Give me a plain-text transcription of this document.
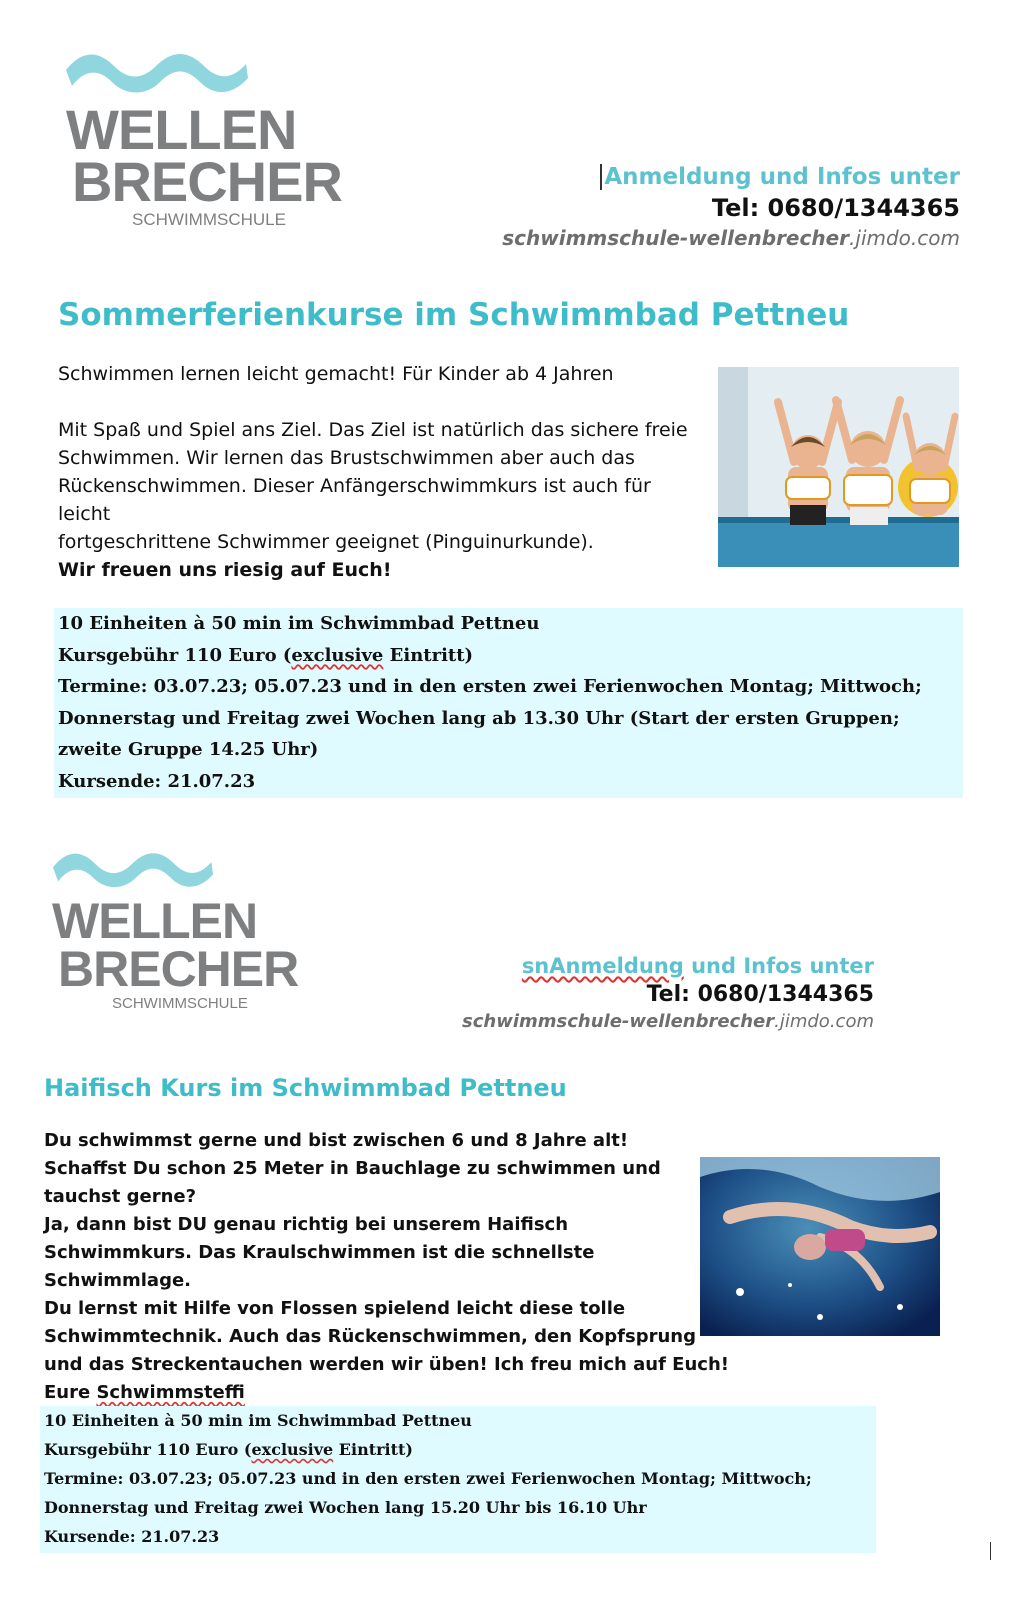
WELLEN
BRECHER
SCHWIMMSCHULE
Anmeldung und Infos unter
Tel: 0680/1344365
schwimmschule-wellenbrecher.jimdo.com
Sommerferienkurse im Schwimmbad Pettneu
Schwimmen lernen leicht gemacht! Für Kinder ab 4 Jahren

Mit Spaß und Spiel ans Ziel. Das Ziel ist natürlich das sichere freie

Schwimmen. Wir lernen das Brustschwimmen aber auch das

Rückenschwimmen. Dieser Anfängerschwimmkurs ist auch für leicht

fortgeschrittene Schwimmer geeignet (Pinguinurkunde).

Wir freuen uns riesig auf Euch!

10 Einheiten à 50 min im Schwimmbad Pettneu

Kursgebühr 110 Euro (exclusive Eintritt)

Termine: 03.07.23; 05.07.23 und in den ersten zwei Ferienwochen Montag; Mittwoch;

Donnerstag und Freitag zwei Wochen lang ab 13.30 Uhr (Start der ersten Gruppen;

zweite Gruppe 14.25 Uhr)

Kursende: 21.07.23

WELLEN
BRECHER
SCHWIMMSCHULE
snAnmeldung und Infos unter
Tel: 0680/1344365
schwimmschule-wellenbrecher.jimdo.com
Haifisch Kurs im Schwimmbad Pettneu

Du schwimmst gerne und bist zwischen 6 und 8 Jahre alt!

Schaffst Du schon 25 Meter in Bauchlage zu schwimmen und

tauchst gerne?

Ja, dann bist DU genau richtig bei unserem Haifisch

Schwimmkurs. Das Kraulschwimmen ist die schnellste

Schwimmlage.

Du lernst mit Hilfe von Flossen spielend leicht diese tolle

Schwimmtechnik. Auch das Rückenschwimmen, den Kopfsprung

und das Streckentauchen werden wir üben! Ich freu mich auf Euch!

Eure Schwimmsteffi

10 Einheiten à 50 min im Schwimmbad Pettneu

Kursgebühr 110 Euro (exclusive Eintritt)

Termine: 03.07.23; 05.07.23 und in den ersten zwei Ferienwochen Montag; Mittwoch;

Donnerstag und Freitag zwei Wochen lang 15.20 Uhr bis 16.10 Uhr

Kursende: 21.07.23
